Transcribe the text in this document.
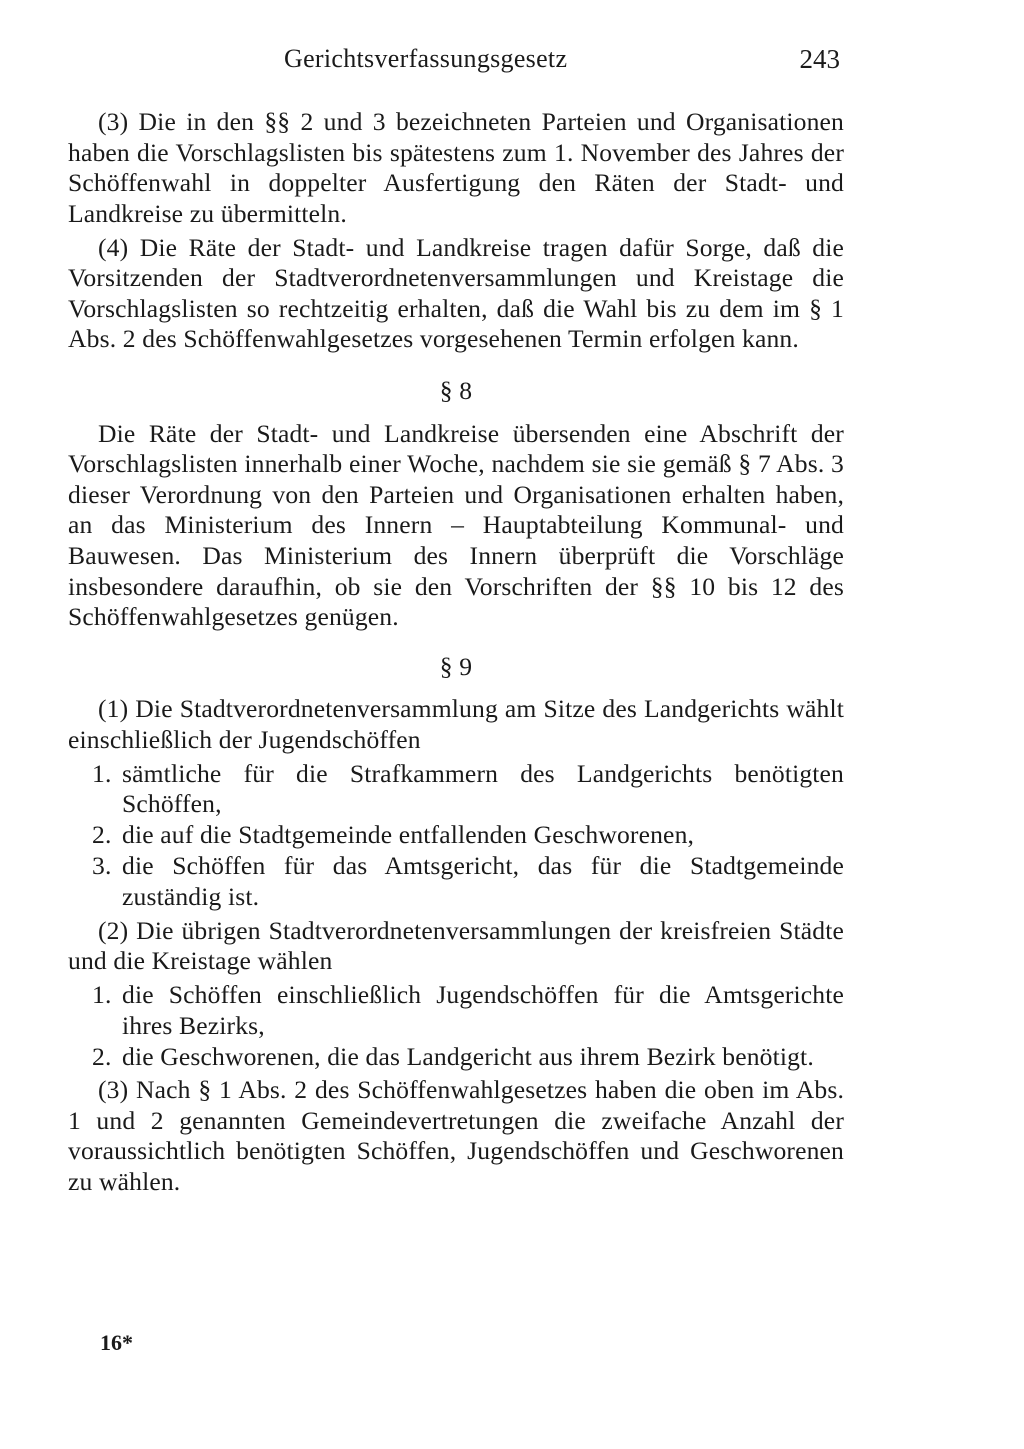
Gerichtsverfassungsgesetz	243

(3) Die in den §§ 2 und 3 bezeichneten Parteien und Organisationen haben die Vorschlagslisten bis spätestens zum 1. November des Jahres der Schöffenwahl in doppelter Ausfertigung den Räten der Stadt- und Landkreise zu übermitteln.

(4) Die Räte der Stadt- und Landkreise tragen dafür Sorge, daß die Vorsitzenden der Stadtverordnetenversammlungen und Kreistage die Vorschlagslisten so rechtzeitig erhalten, daß die Wahl bis zu dem im § 1 Abs. 2 des Schöffenwahlgesetzes vorgesehenen Termin erfolgen kann.

§ 8

Die Räte der Stadt- und Landkreise übersenden eine Abschrift der Vorschlagslisten innerhalb einer Woche, nachdem sie sie gemäß § 7 Abs. 3 dieser Verordnung von den Parteien und Organisationen erhalten haben, an das Ministerium des Innern – Hauptabteilung Kommunal- und Bauwesen. Das Ministerium des Innern überprüft die Vorschläge insbesondere daraufhin, ob sie den Vorschriften der §§ 10 bis 12 des Schöffenwahlgesetzes genügen.

§ 9

(1) Die Stadtverordnetenversammlung am Sitze des Landgerichts wählt einschließlich der Jugendschöffen

1. sämtliche für die Strafkammern des Landgerichts benötigten Schöffen,
2. die auf die Stadtgemeinde entfallenden Geschworenen,
3. die Schöffen für das Amtsgericht, das für die Stadtgemeinde zuständig ist.

(2) Die übrigen Stadtverordnetenversammlungen der kreisfreien Städte und die Kreistage wählen

1. die Schöffen einschließlich Jugendschöffen für die Amtsgerichte ihres Bezirks,
2. die Geschworenen, die das Landgericht aus ihrem Bezirk benötigt.

(3) Nach § 1 Abs. 2 des Schöffenwahlgesetzes haben die oben im Abs. 1 und 2 genannten Gemeindevertretungen die zweifache Anzahl der voraussichtlich benötigten Schöffen, Jugendschöffen und Geschworenen zu wählen.

16*
